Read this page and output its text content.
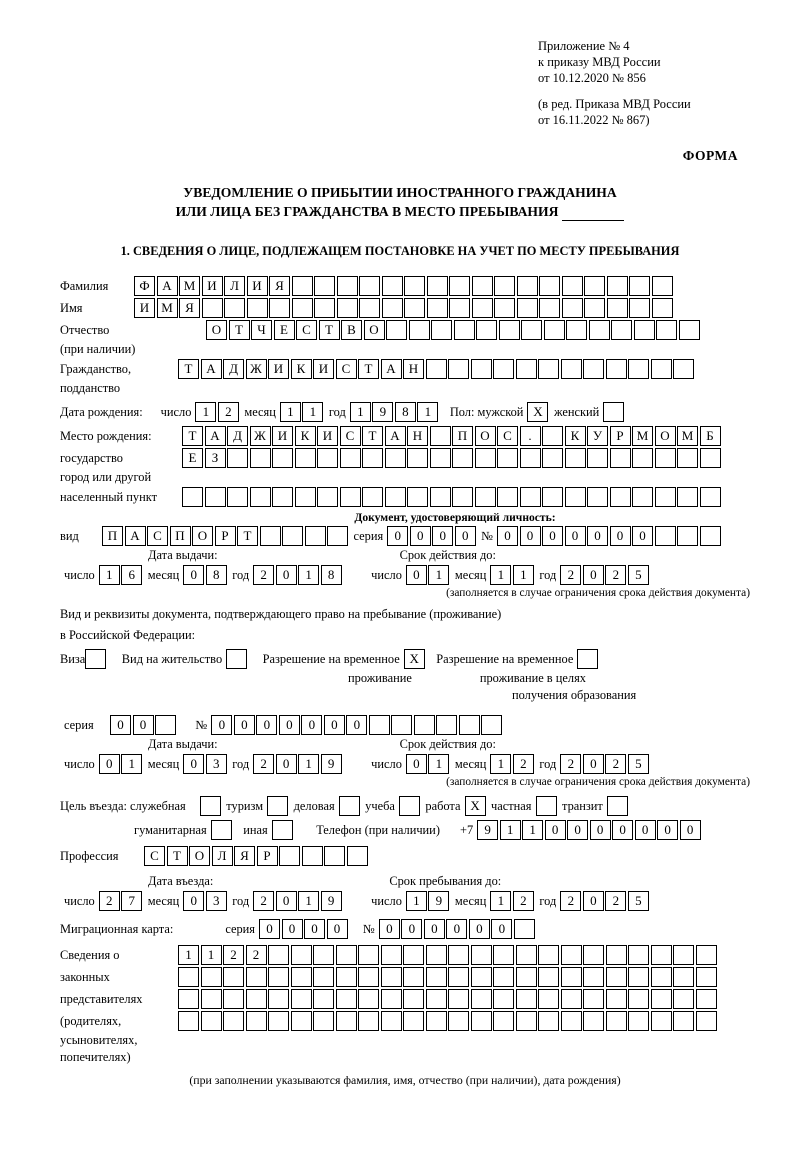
Приложение № 4
к приказу МВД России
от 10.12.2020 № 856
(в ред. Приказа МВД России
от 16.11.2022 № 867)
ФОРМА
УВЕДОМЛЕНИЕ О ПРИБЫТИИ ИНОСТРАННОГО ГРАЖДАНИНА
ИЛИ ЛИЦА БЕЗ ГРАЖДАНСТВА В МЕСТО ПРЕБЫВАНИЯ
1. СВЕДЕНИЯ О ЛИЦЕ, ПОДЛЕЖАЩЕМ ПОСТАНОВКЕ НА УЧЕТ ПО МЕСТУ ПРЕБЫВАНИЯ
Фамилия	Ф А М И	Л	И	Я
Имя	И М Я
Отчество	О	Т	Ч	Е	С	Т	В	О
(при наличии)
Гражданство,	Т	А	Д Ж И	К	И	С	Т	А	Н
подданство
Дата рождения:	число 1	2	месяц 1	1	год 1	9	8	1	Пол: мужской X женский
Место рождения:	Т	А	Д Ж И	К	И	С	Т	А	Н	П	О	С	.	К	У	Р	М О М Б
государство	Е	З
город или другой
населенный пункт
Документ, удостоверяющий личность:
вид	П	А	С	П	О	Р	Т	серия 0	0	0	0	№ 0	0	0	0	0	0	0
Дата выдачи:	Срок действия до:
число 1	6	месяц 0	8	год 2	0	1	8	число 0	1	месяц 1	1	год 2	0	2	5
(заполняется в случае ограничения срока действия документа)
Вид и реквизиты документа, подтверждающего право на пребывание (проживание)
в Российской Федерации:
Виза	Вид на жительство	Разрешение на временное X	Разрешение на временное
проживание	проживание в целях
получения образования
серия	0	0	№ 0	0	0	0	0	0	0
Дата выдачи:	Срок действия до:
число 0	1	месяц 0	3	год 2	0	1	9	число 0	1	месяц 1	2	год 2	0	2	5
(заполняется в случае ограничения срока действия документа)
Цель въезда: служебная	туризм	деловая	учеба	работа X частная	транзит
гуманитарная	иная	Телефон (при наличии)	+7 9	1	1	0	0	0	0	0	0	0
Профессия	С	Т	О	Л	Я	Р
Дата въезда:	Срок пребывания до:
число 2	7	месяц 0	3	год 2	0	1	9	число 1	9	месяц 1	2	год 2	0	2	5
Миграционная карта:	серия 0	0	0	0	№ 0	0	0	0	0	0
Сведения о	1	1	2	2
законных
представителях
(родителях,
усыновителях,
попечителях)
(при заполнении указываются фамилия, имя, отчество (при наличии), дата рождения)
